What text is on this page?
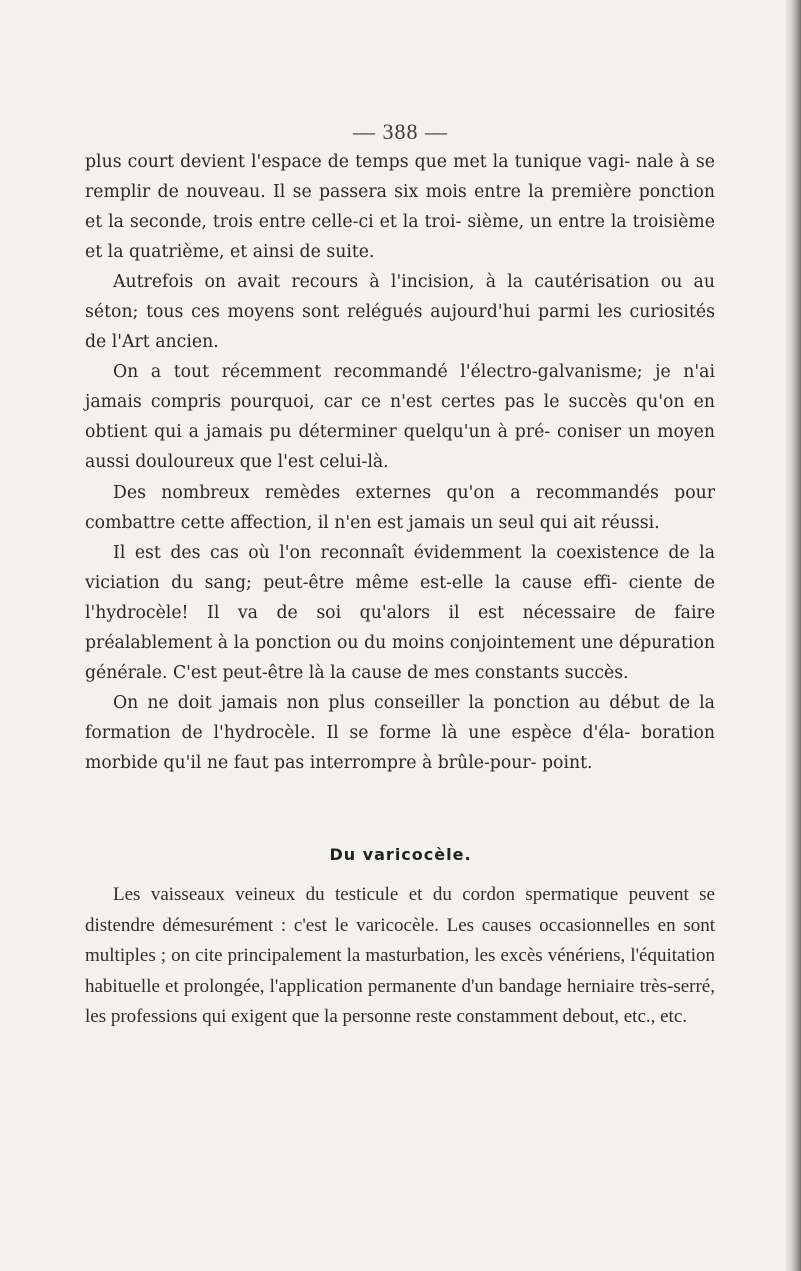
— 388 —

plus court devient l'espace de temps que met la tunique vagi- nale à se remplir de nouveau. Il se passera six mois entre la première ponction et la seconde, trois entre celle-ci et la troi- sième, un entre la troisième et la quatrième, et ainsi de suite.

Autrefois on avait recours à l'incision, à la cautérisation ou au séton; tous ces moyens sont relégués aujourd'hui parmi les curiosités de l'Art ancien.

On a tout récemment recommandé l'électro-galvanisme; je n'ai jamais compris pourquoi, car ce n'est certes pas le succès qu'on en obtient qui a jamais pu déterminer quelqu'un à pré- coniser un moyen aussi douloureux que l'est celui-là.

Des nombreux remèdes externes qu'on a recommandés pour combattre cette affection, il n'en est jamais un seul qui ait réussi.

Il est des cas où l'on reconnaît évidemment la coexistence de la viciation du sang; peut-être même est-elle la cause effi- ciente de l'hydrocèle! Il va de soi qu'alors il est nécessaire de faire préalablement à la ponction ou du moins conjointement une dépuration générale. C'est peut-être là la cause de mes constants succès.

On ne doit jamais non plus conseiller la ponction au début de la formation de l'hydrocèle. Il se forme là une espèce d'éla- boration morbide qu'il ne faut pas interrompre à brûle-pour- point.

Du varicocèle.

Les vaisseaux veineux du testicule et du cordon spermatique peuvent se distendre démesurément : c'est le varicocèle. Les causes occasionnelles en sont multiples ; on cite principalement la masturbation, les excès vénériens, l'équitation habituelle et prolongée, l'application permanente d'un bandage herniaire très-serré, les professions qui exigent que la personne reste constamment debout, etc., etc.
